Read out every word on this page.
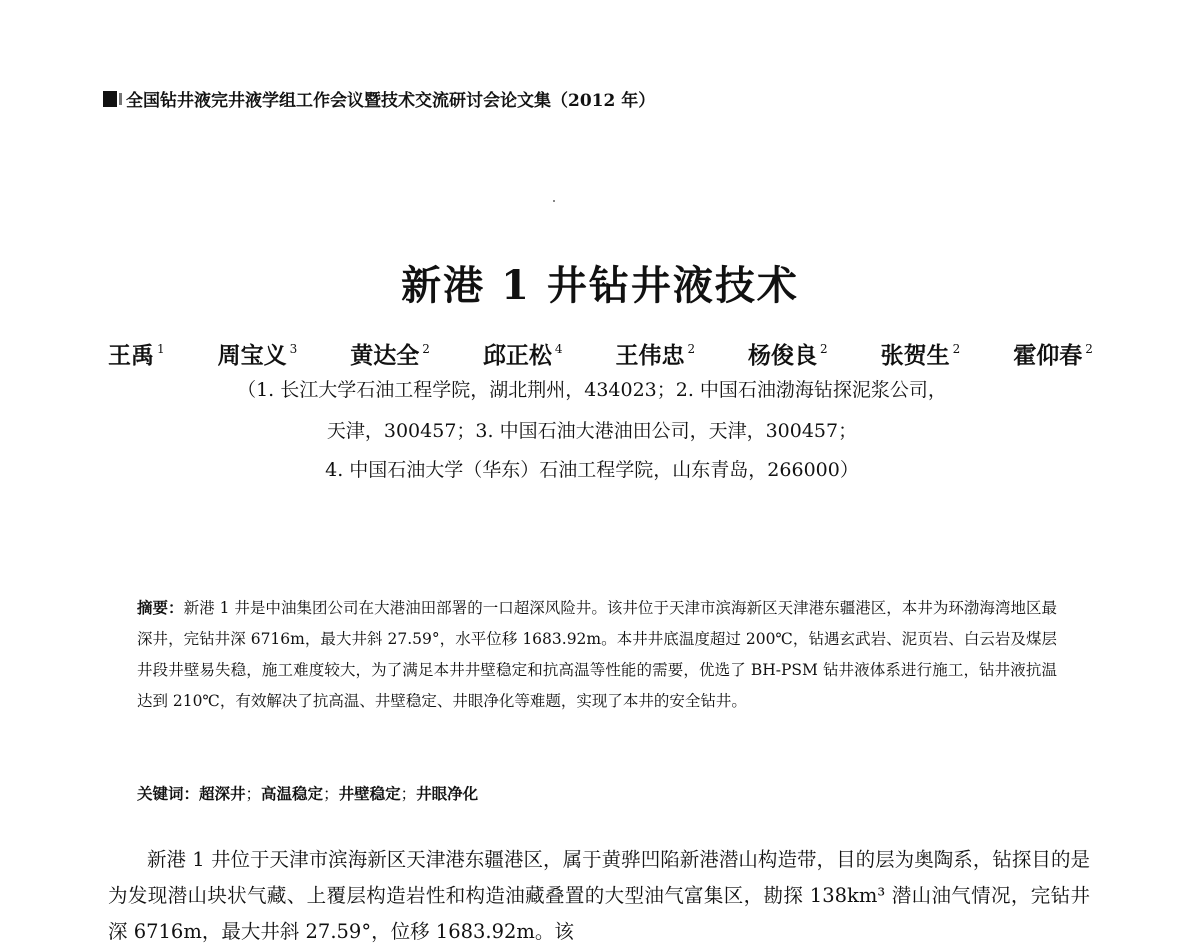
全国钻井液完井液学组工作会议暨技术交流研讨会论文集（2012 年）
新港 1 井钻井液技术
王禹 $^1$ 周宝义 $^3$ 黄达全 $^2$ 邱正松 $^4$ 王伟忠 $^2$ 杨俊良 $^2$ 张贺生 $^2$ 霍仰春 $^2$
（1. 长江大学石油工程学院，湖北荆州，434023；2. 中国石油渤海钻探泥浆公司，
天津，300457；3. 中国石油大港油田公司，天津，300457；
4. 中国石油大学（华东）石油工程学院，山东青岛，266000）
摘要：新港 1 井是中油集团公司在大港油田部署的一口超深风险井。该井位于天津市滨海新区天津港东疆港区，本井为环渤海湾地区最深井，完钻井深 6716m，最大井斜 27.59°，水平位移 1683.92m。本井井底温度超过 200℃，钻遇玄武岩、泥页岩、白云岩及煤层井段井壁易失稳，施工难度较大，为了满足本井井壁稳定和抗高温等性能的需要，优选了 BH-PSM 钻井液体系进行施工，钻井液抗温达到 210℃，有效解决了抗高温、井壁稳定、井眼净化等难题，实现了本井的安全钻井。
关键词：超深井；高温稳定；井壁稳定；井眼净化
新港 1 井位于天津市滨海新区天津港东疆港区，属于黄骅凹陷新港潜山构造带，目的层为奥陶系，钻探目的是为发现潜山块状气藏、上覆层构造岩性和构造油藏叠置的大型油气富集区，勘探 138km³ 潜山油气情况，完钻井深 6716m，最大井斜 27.59°，位移 1683.92m。该
